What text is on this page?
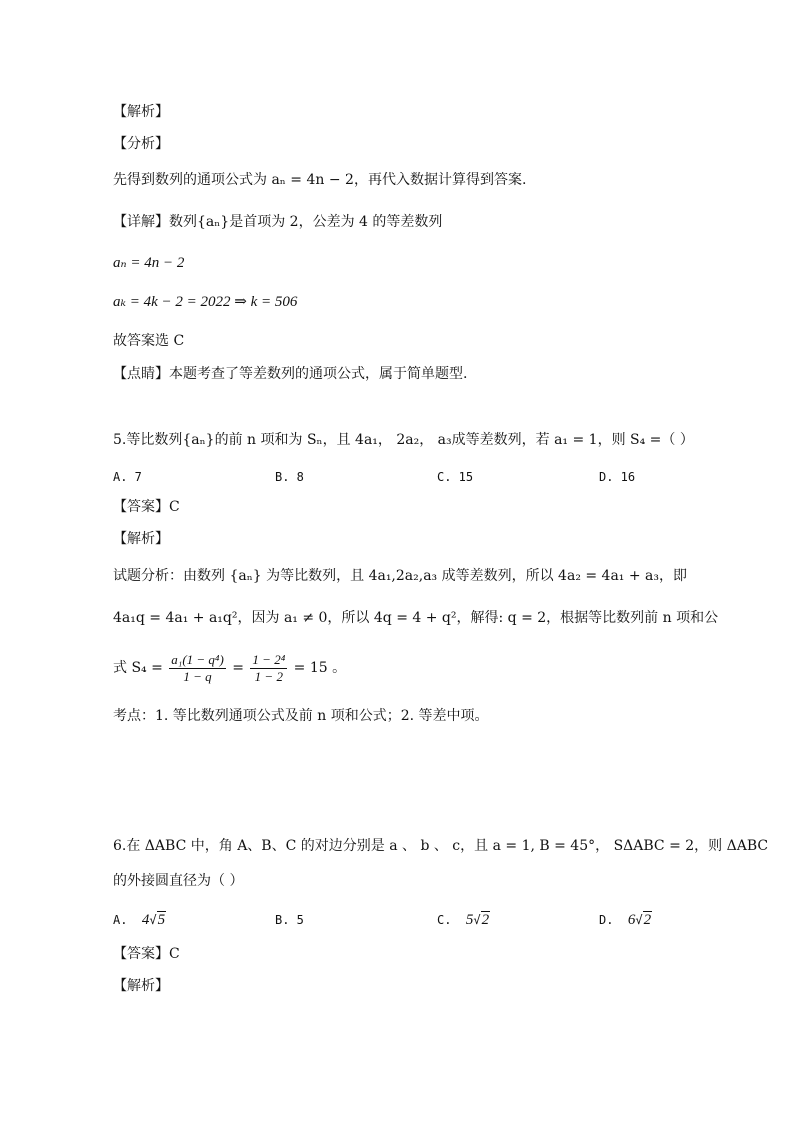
【解析】
【分析】
先得到数列的通项公式为 aₙ = 4n − 2，再代入数据计算得到答案.
【详解】数列{aₙ}是首项为 2，公差为 4 的等差数列
aₙ = 4n − 2
aₖ = 4k − 2 = 2022 ⇒ k = 506
故答案选 C
【点睛】本题考查了等差数列的通项公式，属于简单题型.
5.等比数列{aₙ}的前 n 项和为 Sₙ，且 4a₁， 2a₂， a₃成等差数列，若 a₁ = 1，则 S₄ =（ ）
A. 7	B. 8	C. 15	D. 16
【答案】C
【解析】
试题分析：由数列 {aₙ} 为等比数列，且 4a₁,2a₂,a₃ 成等差数列，所以 4a₂ = 4a₁ + a₃，即
4a₁q = 4a₁ + a₁q²，因为 a₁ ≠ 0，所以 4q = 4 + q²，解得: q = 2，根据等比数列前 n 项和公
式 $S_4 = \frac{\text{a₁(1 − q⁴)}}{1 - q} = \frac{\text{1 − 2⁴}}{1 - 2} = 15$ 。
考点：1. 等比数列通项公式及前 n 项和公式；2. 等差中项。
6.在 ΔABC 中，角 A、B、C 的对边分别是 a 、 b 、 c，且 a = 1, B = 45°， SΔABC = 2，则 ΔABC
的外接圆直径为（ ）
A. 4√5	B. 5	C. 5√2	D. 6√2
【答案】C
【解析】
